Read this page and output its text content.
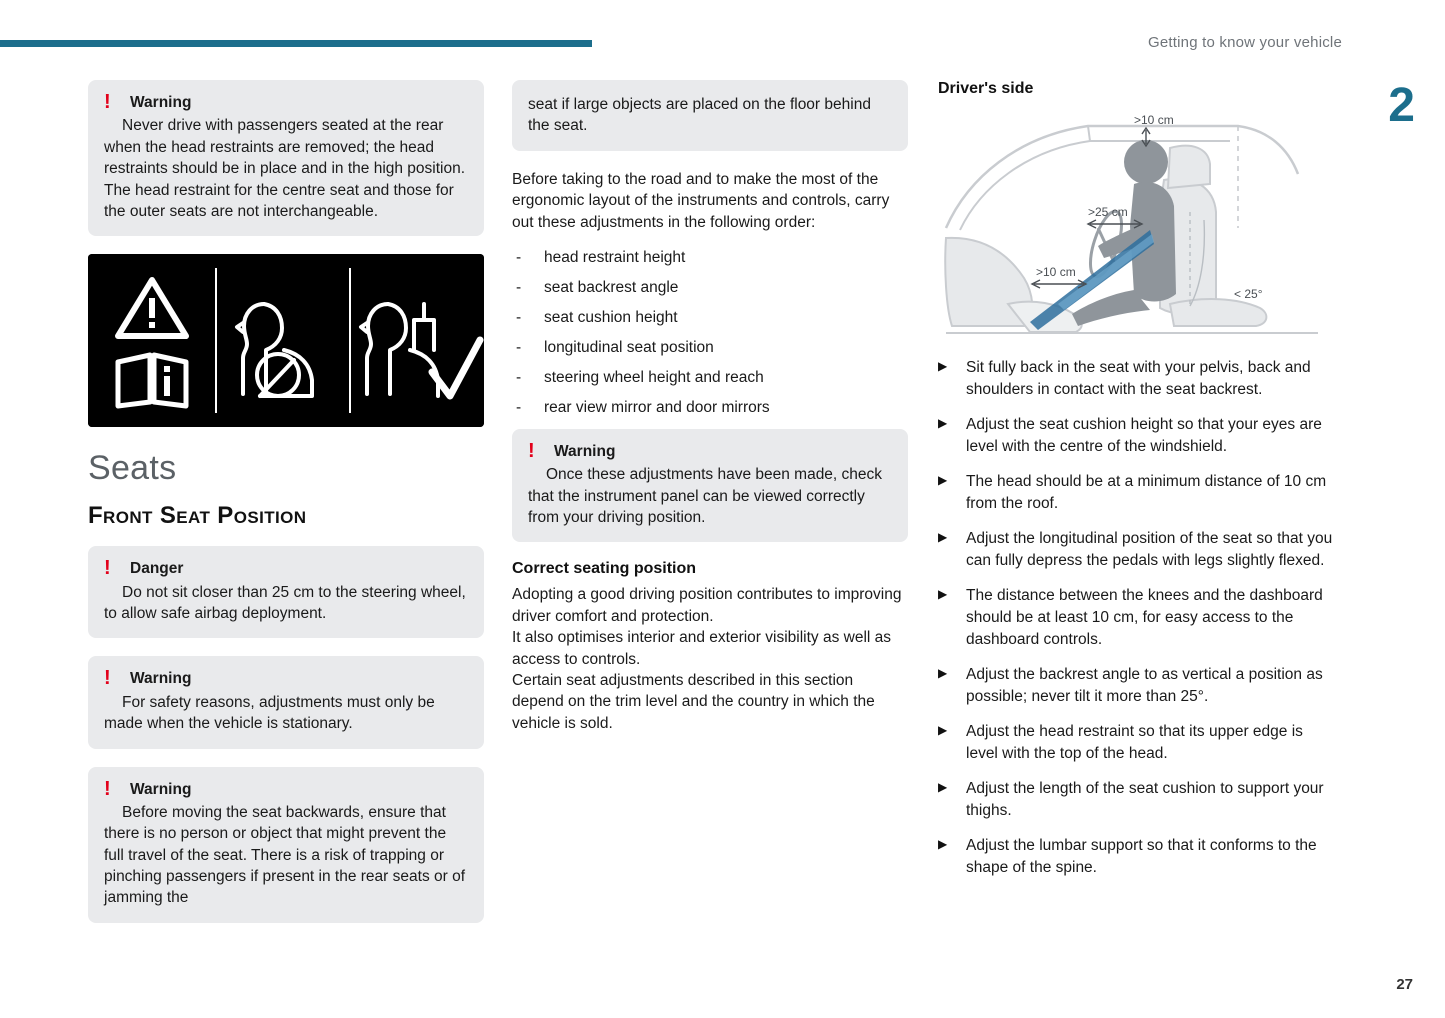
Getting to know your vehicle
2
27
! Warning
Never drive with passengers seated at the rear when the head restraints are removed; the head restraints should be in place and in the high position. The head restraint for the centre seat and those for the outer seats are not interchangeable.
Seats
Front Seat Position
! Danger
Do not sit closer than 25 cm to the steering wheel, to allow safe airbag deployment.
! Warning
For safety reasons, adjustments must only be made when the vehicle is stationary.
! Warning
Before moving the seat backwards, ensure that there is no person or object that might prevent the full travel of the seat. There is a risk of trapping or pinching passengers if present in the rear seats or of jamming the
seat if large objects are placed on the floor behind the seat.

Before taking to the road and to make the most of the ergonomic layout of the instruments and controls, carry out these adjustments in the following order:

- head restraint height
- seat backrest angle
- seat cushion height
- longitudinal seat position
- steering wheel height and reach
- rear view mirror and door mirrors
! Warning
Once these adjustments have been made, check that the instrument panel can be viewed correctly from your driving position.
Correct seating position

Adopting a good driving position contributes to improving driver comfort and protection.

It also optimises interior and exterior visibility as well as access to controls.

Certain seat adjustments described in this section depend on the trim level and the country in which the vehicle is sold.

Driver's side
>10 cm
>25 cm
>10 cm
< 25°
▶ Sit fully back in the seat with your pelvis, back and shoulders in contact with the seat backrest.
▶ Adjust the seat cushion height so that your eyes are level with the centre of the windshield.
▶ The head should be at a minimum distance of 10 cm from the roof.
▶ Adjust the longitudinal position of the seat so that you can fully depress the pedals with legs slightly flexed.
▶ The distance between the knees and the dashboard should be at least 10 cm, for easy access to the dashboard controls.
▶ Adjust the backrest angle to as vertical a position as possible; never tilt it more than 25°.
▶ Adjust the head restraint so that its upper edge is level with the top of the head.
▶ Adjust the length of the seat cushion to support your thighs.
▶ Adjust the lumbar support so that it conforms to the shape of the spine.
